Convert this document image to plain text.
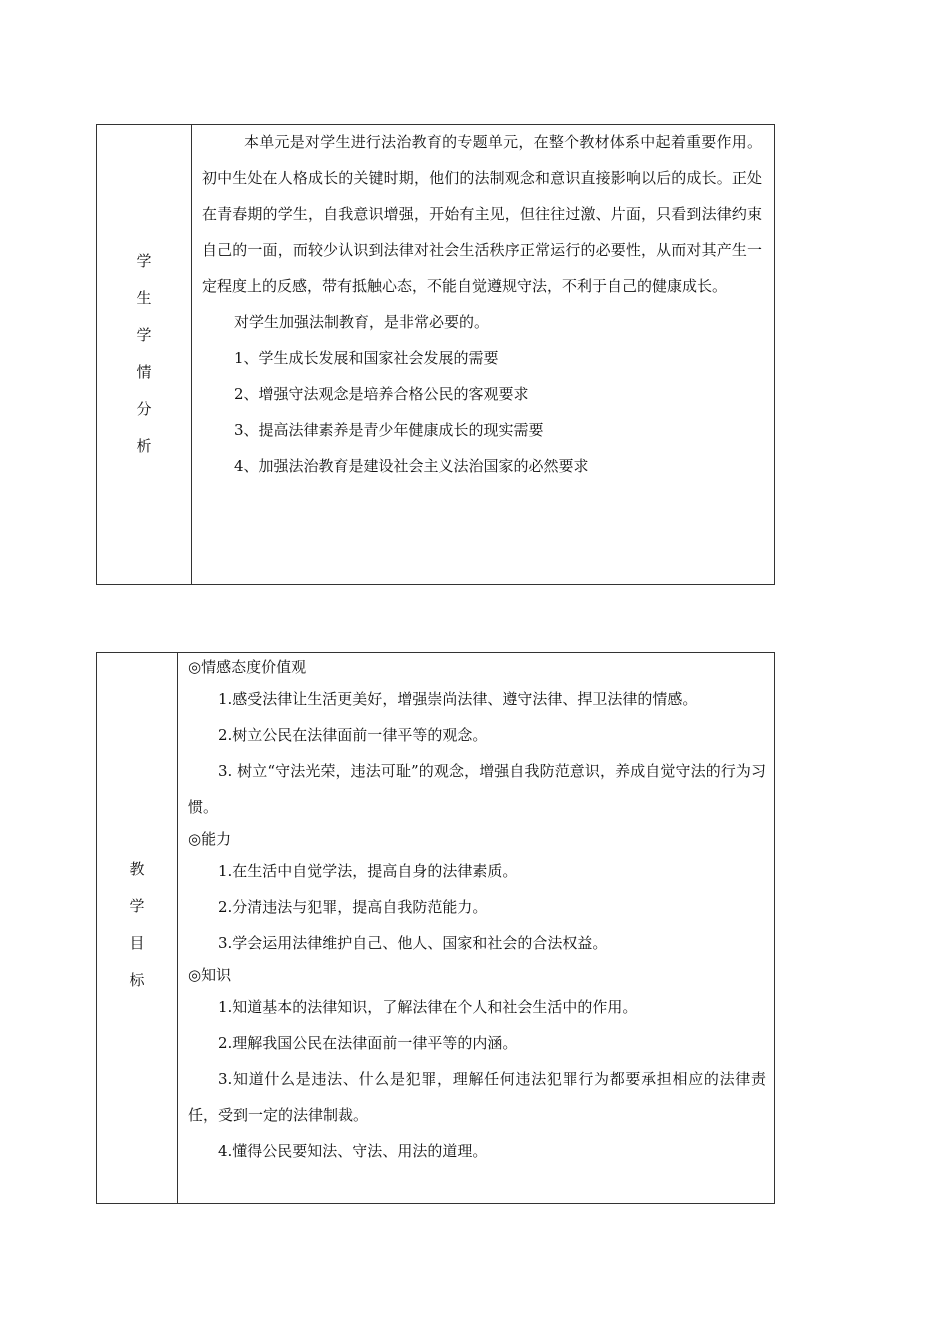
学
生
学
情
分
析

本单元是对学生进行法治教育的专题单元，在整个教材体系中起着重要作用。初中生处在人格成长的关键时期，他们的法制观念和意识直接影响以后的成长。正处在青春期的学生，自我意识增强，开始有主见，但往往过激、片面，只看到法律约束自己的一面，而较少认识到法律对社会生活秩序正常运行的必要性，从而对其产生一定程度上的反感，带有抵触心态，不能自觉遵规守法，不利于自己的健康成长。

对学生加强法制教育，是非常必要的。

1、学生成长发展和国家社会发展的需要

2、增强守法观念是培养合格公民的客观要求

3、提高法律素养是青少年健康成长的现实需要

4、加强法治教育是建设社会主义法治国家的必然要求

教
学
目
标

◎情感态度价值观

1.感受法律让生活更美好，增强崇尚法律、遵守法律、捍卫法律的情感。

2.树立公民在法律面前一律平等的观念。

3. 树立“守法光荣，违法可耻”的观念，增强自我防范意识，养成自觉守法的行为习惯。

◎能力

1.在生活中自觉学法，提高自身的法律素质。

2.分清违法与犯罪，提高自我防范能力。

3.学会运用法律维护自己、他人、国家和社会的合法权益。

◎知识

1.知道基本的法律知识，了解法律在个人和社会生活中的作用。

2.理解我国公民在法律面前一律平等的内涵。

3.知道什么是违法、什么是犯罪，理解任何违法犯罪行为都要承担相应的法律责任，受到一定的法律制裁。

4.懂得公民要知法、守法、用法的道理。
